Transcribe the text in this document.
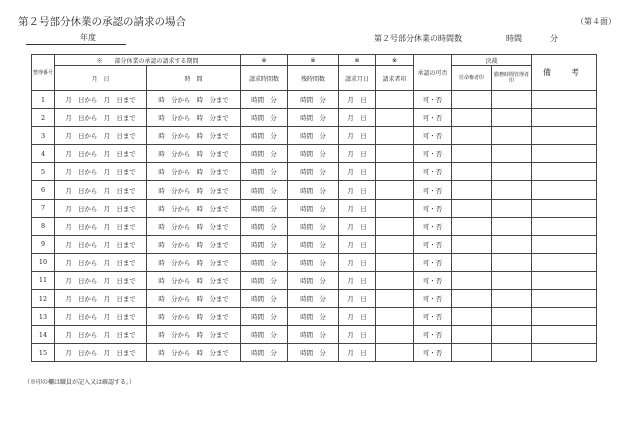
第２号部分休業の承認の請求の場合	（第４面）
年度	第２号部分休業の時間数	時間	分
整理番号	※　　 部分休業の承認の請求する期間		※	※	※	※	承認の可否	決裁		備　考
	月　日	時　間	請求時間数	残時間数	請求月日	請求者印		任命権者印	勤務時間管理者印	
1	月　日から　月　日まで	時　分から　時　分まで	時間　分	時間　分	月　日		可・否			
2	月　日から　月　日まで	時　分から　時　分まで	時間　分	時間　分	月　日		可・否			
3	月　日から　月　日まで	時　分から　時　分まで	時間　分	時間　分	月　日		可・否			
4	月　日から　月　日まで	時　分から　時　分まで	時間　分	時間　分	月　日		可・否			
5	月　日から　月　日まで	時　分から　時　分まで	時間　分	時間　分	月　日		可・否			
6	月　日から　月　日まで	時　分から　時　分まで	時間　分	時間　分	月　日		可・否			
7	月　日から　月　日まで	時　分から　時　分まで	時間　分	時間　分	月　日		可・否			
8	月　日から　月　日まで	時　分から　時　分まで	時間　分	時間　分	月　日		可・否			
9	月　日から　月　日まで	時　分から　時　分まで	時間　分	時間　分	月　日		可・否			
10	月　日から　月　日まで	時　分から　時　分まで	時間　分	時間　分	月　日		可・否			
11	月　日から　月　日まで	時　分から　時　分まで	時間　分	時間　分	月　日		可・否			
12	月　日から　月　日まで	時　分から　時　分まで	時間　分	時間　分	月　日		可・否			
13	月　日から　月　日まで	時　分から　時　分まで	時間　分	時間　分	月　日		可・否			
14	月　日から　月　日まで	時　分から　時　分まで	時間　分	時間　分	月　日		可・否			
15	月　日から　月　日まで	時　分から　時　分まで	時間　分	時間　分	月　日		可・否			
（※印の欄は職員が記入又は確認する。）
